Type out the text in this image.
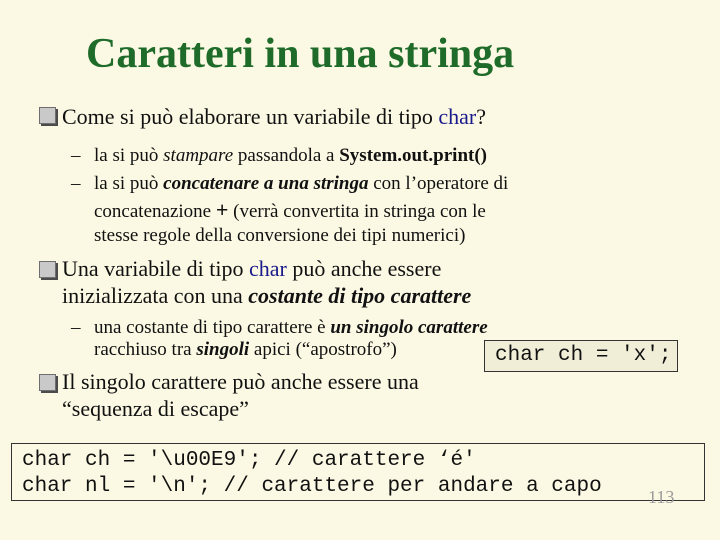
Caratteri in una stringa
Come si può elaborare un variabile di tipo char?
– la si può stampare passandola a System.out.print()
– la si può concatenare a una stringa con l’operatore di
concatenazione + (verrà convertita in stringa con le
stesse regole della conversione dei tipi numerici)
Una variabile di tipo char può anche essere
inizializzata con una costante di tipo carattere
– una costante di tipo carattere è un singolo carattere
racchiuso tra singoli apici (“apostrofo”)
Il singolo carattere può anche essere una
“sequenza di escape”
char ch = 'x';
char ch = '\u00E9'; // carattere ‘é'
char nl = '\n'; // carattere per andare a capo	113
